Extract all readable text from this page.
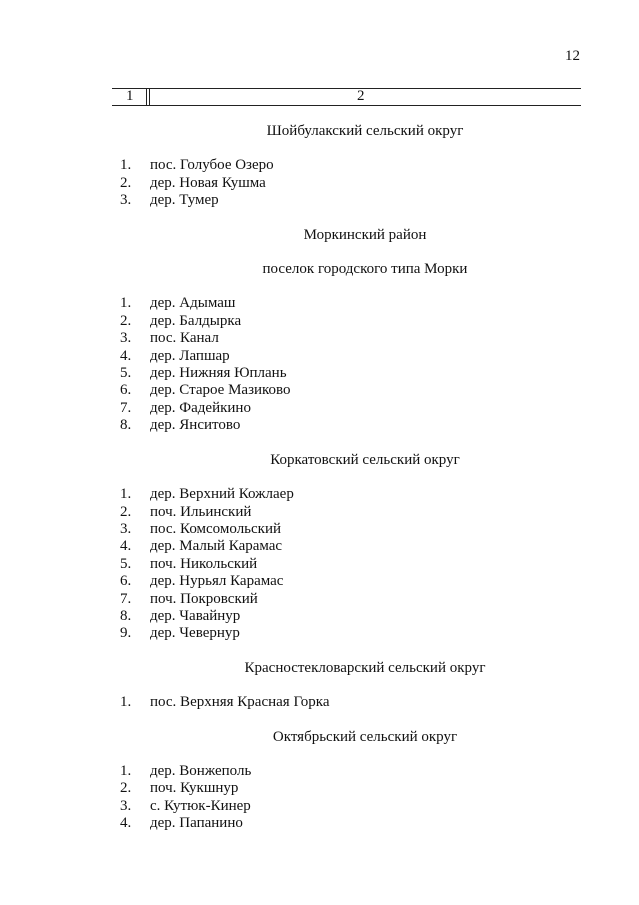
12
1	2
Шойбулакский сельский округ
1.	пос. Голубое Озеро
2.	дер. Новая Кушма
3.	дер. Тумер
Моркинский район
поселок городского типа Морки
1.	дер. Адымаш
2.	дер. Балдырка
3.	пос. Канал
4.	дер. Лапшар
5.	дер. Нижняя Юплань
6.	дер. Старое Мазиково
7.	дер. Фадейкино
8.	дер. Янситово
Коркатовский сельский округ
1.	дер. Верхний Кожлаер
2.	поч. Ильинский
3.	пос. Комсомольский
4.	дер. Малый Карамас
5.	поч. Никольский
6.	дер. Нурьял Карамас
7.	поч. Покровский
8.	дер. Чавайнур
9.	дер. Чевернур
Красностекловарский сельский округ
1.	пос. Верхняя Красная Горка
Октябрьский сельский округ
1.	дер. Вонжеполь
2.	поч. Кукшнур
3.	с. Кутюк-Кинер
4.	дер. Папанино
